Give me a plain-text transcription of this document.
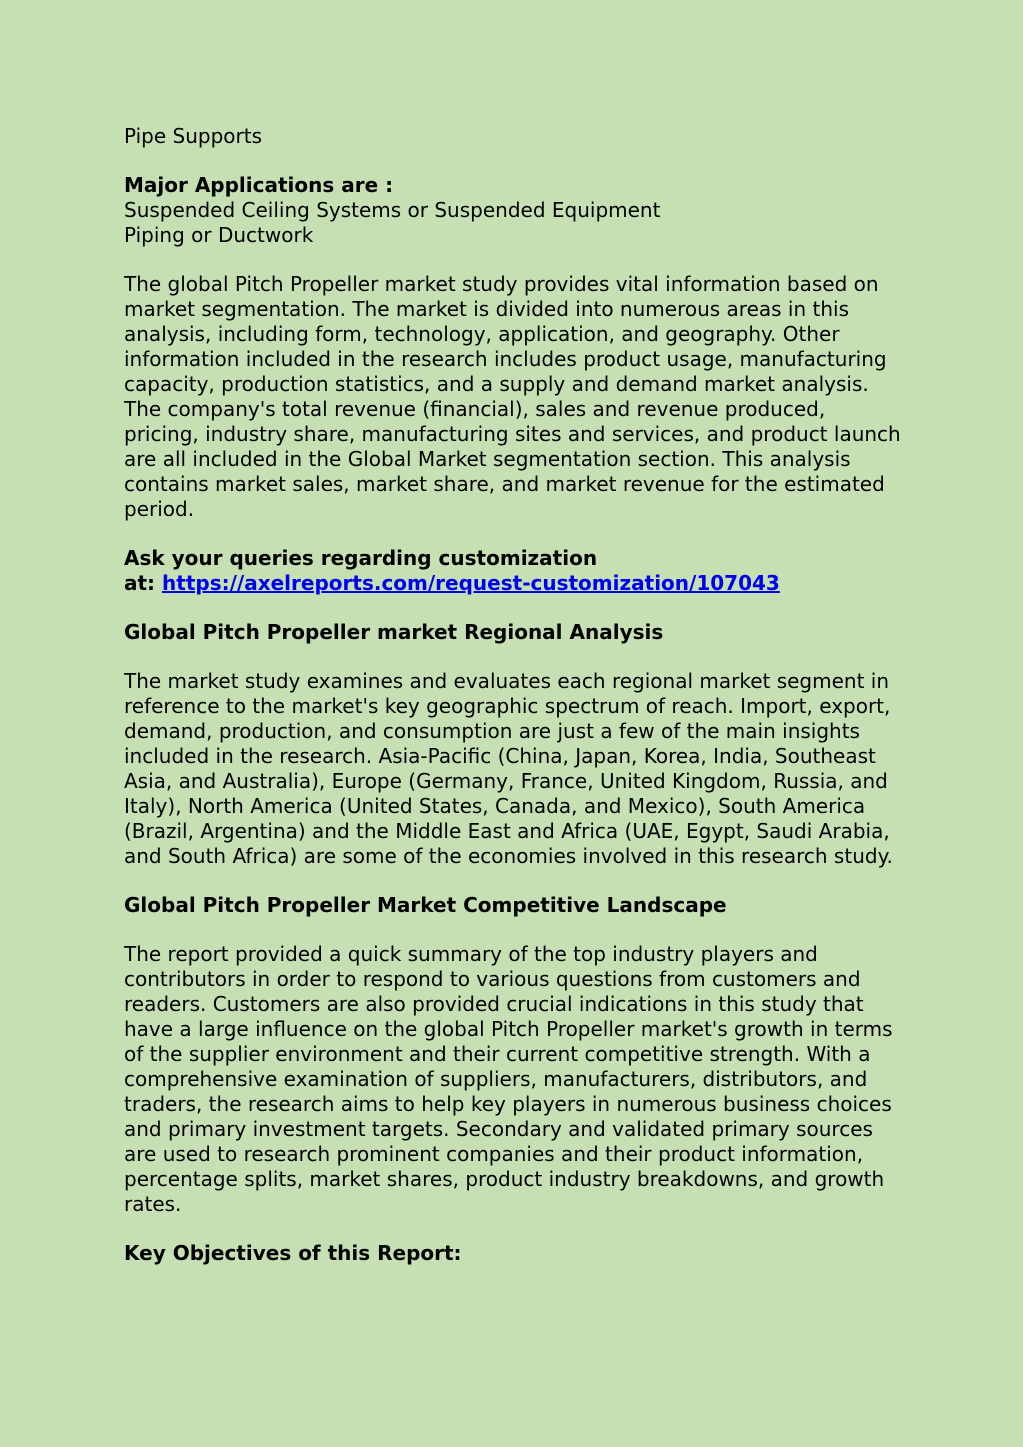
Pipe Supports

Major Applications are :

Suspended Ceiling Systems or Suspended Equipment

Piping or Ductwork

The global Pitch Propeller market study provides vital information based on market segmentation. The market is divided into numerous areas in this analysis, including form, technology, application, and geography. Other information included in the research includes product usage, manufacturing capacity, production statistics, and a supply and demand market analysis. The company's total revenue (financial), sales and revenue produced, pricing, industry share, manufacturing sites and services, and product launch are all included in the Global Market segmentation section. This analysis contains market sales, market share, and market revenue for the estimated period.

Ask your queries regarding customization

at: https://axelreports.com/request-customization/107043

Global Pitch Propeller market Regional Analysis

The market study examines and evaluates each regional market segment in reference to the market's key geographic spectrum of reach. Import, export, demand, production, and consumption are just a few of the main insights included in the research. Asia-Pacific (China, Japan, Korea, India, Southeast Asia, and Australia), Europe (Germany, France, United Kingdom, Russia, and Italy), North America (United States, Canada, and Mexico), South America (Brazil, Argentina) and the Middle East and Africa (UAE, Egypt, Saudi Arabia, and South Africa) are some of the economies involved in this research study.

Global Pitch Propeller Market Competitive Landscape

The report provided a quick summary of the top industry players and contributors in order to respond to various questions from customers and readers. Customers are also provided crucial indications in this study that have a large influence on the global Pitch Propeller market's growth in terms of the supplier environment and their current competitive strength. With a comprehensive examination of suppliers, manufacturers, distributors, and traders, the research aims to help key players in numerous business choices and primary investment targets. Secondary and validated primary sources are used to research prominent companies and their product information, percentage splits, market shares, product industry breakdowns, and growth rates.

Key Objectives of this Report:
